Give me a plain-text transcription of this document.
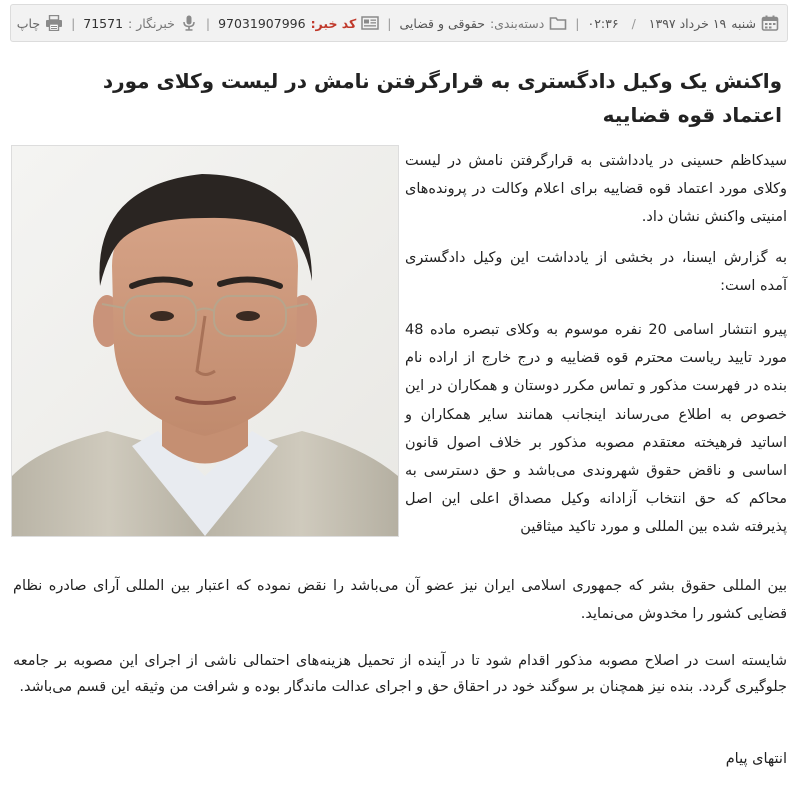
شنبه
۱۹ خرداد ۱۳۹۷
/
۰۲:۳۶
|
دسته‌بندی:
حقوقی و قضایی
|
کد خبر:
97031907996
|
خبرنگار :
71571
|
چاپ
واکنش یک وکیل دادگستری به قرارگرفتن نامش در لیست وکلای مورد اعتماد قوه قضاییه

سیدکاظم حسینی در یادداشتی به قرارگرفتن نامش در لیست وکلای مورد اعتماد قوه قضاییه برای اعلام وکالت در پرونده‌های امنیتی واکنش نشان داد.

به گزارش ایسنا، در بخشی از یادداشت این وکیل دادگستری آمده است:

پیرو انتشار اسامی 20 نفره موسوم به وکلای تبصره ماده 48 مورد تایید ریاست محترم قوه قضاییه و درج خارج از اراده نام بنده در فهرست مذکور و تماس مکرر دوستان و همکاران در این خصوص به اطلاع می‌رساند اینجانب همانند سایر همکاران و اساتید فرهیخته معتقدم مصوبه مذکور بر خلاف اصول قانون اساسی و ناقض حقوق شهروندی می‌باشد و حق دسترسی به محاکم که حق انتخاب آزادانه وکیل مصداق اعلی این اصل پذیرفته شده بین المللی و مورد تاکید میثاقین

بین المللی حقوق بشر که جمهوری اسلامی ایران نیز عضو آن می‌باشد را نقض نموده که اعتبار بین المللی آرای صادره نظام قضایی کشور را مخدوش می‌نماید.

شایسته است در اصلاح مصوبه مذکور اقدام شود تا در آینده از تحمیل هزینه‌های احتمالی ناشی از اجرای این مصوبه بر جامعه جلوگیری گردد. بنده نیز همچنان بر سوگند خود در احقاق حق و اجرای عدالت ماندگار بوده و شرافت من وثیقه این قسم می‌باشد.

انتهای پیام
